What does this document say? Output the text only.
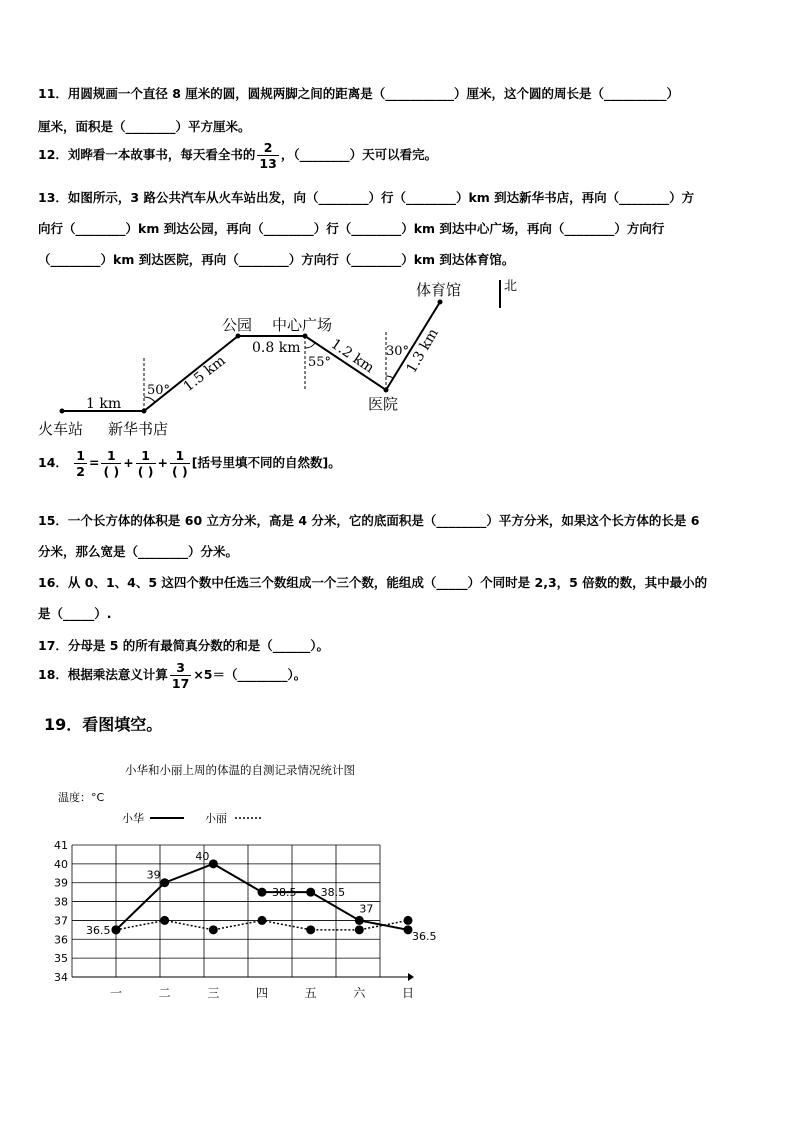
11．用圆规画一个直径 8 厘米的圆，圆规两脚之间的距离是（___________）厘米，这个圆的周长是（__________）
厘米，面积是（________）平方厘米。
12．刘晔看一本故事书，每天看全书的 $\frac{2}{13}$ ，（________）天可以看完。
13．如图所示，3 路公共汽车从火车站出发，向（________）行（________）km 到达新华书店，再向（________）方
向行（________）km 到达公园，再向（________）行（________）km 到达中心广场，再向（________）方向行
（________）km 到达医院，再向（________）方向行（________）km 到达体育馆。
北
火车站 新华书店
公园 中心广场
医院
体育馆
1 km
1.5 km
0.8 km 1.2 km 1.3 km
50°
55°
30°
14． $\frac{1}{2} = \frac{1}{( )} + \frac{1}{( )} + \frac{1}{( )}$ [括号里填不同的自然数]。
15．一个长方体的体积是 60 立方分米，高是 4 分米，它的底面积是（________）平方分米，如果这个长方体的长是 6
分米，那么宽是（________）分米。
16．从 0、1、4、5 这四个数中任选三个数组成一个三个数，能组成（_____）个同时是 2,3，5 倍数的数，其中最小的
是（_____）.
17．分母是 5 的所有最简真分数的和是（______）。
18．根据乘法意义计算 $\frac{3}{17}$ ×5＝（________）。
19．看图填空。
小华和小丽上周的体温的自测记录情况统计图
温度：°C
小华	小丽
34
35
36
37
38
39
40
41
一	二	三	四	五	六	日
36.5
39
40
38.5 38.5
37
36.5
